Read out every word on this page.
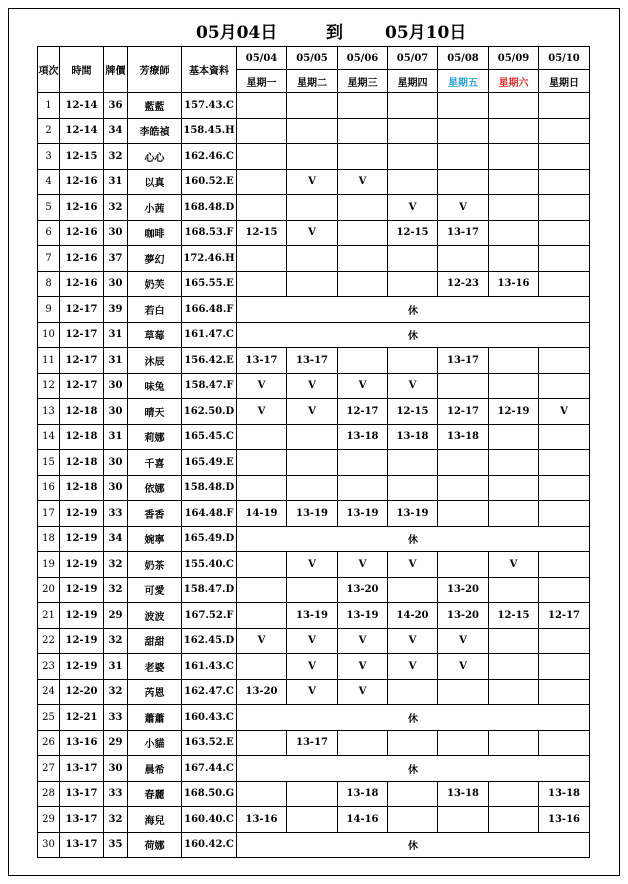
05月04日	到 05月10日
項次	時間	牌價	芳療師	基本資料	05/04	05/05	05/06	05/07	05/08	05/09	05/10
					星期一	星期二	星期三	星期四	星期五	星期六	星期日
1	12-14	36	藍藍	157.43.C							
2	12-14	34	李皓禎	158.45.H							
3	12-15	32	心心	162.46.C							
4	12-16	31	以真	160.52.E		V	V				
5	12-16	32	小茜	168.48.D				V	V		
6	12-16	30	咖啡	168.53.F	12-15	V		12-15	13-17		
7	12-16	37	夢幻	172.46.H							
8	12-16	30	奶芙	165.55.E					12-23	13-16	
9	12-17	39	若白	166.48.F	休						
10	12-17	31	草莓	161.47.C	休						
11	12-17	31	沐辰	156.42.E	13-17	13-17			13-17		
12	12-17	30	味兔	158.47.F	V	V	V	V			
13	12-18	30	晴天	162.50.D	V	V	12-17	12-15	12-17	12-19	V
14	12-18	31	莉娜	165.45.C			13-18	13-18	13-18		
15	12-18	30	千喜	165.49.E							
16	12-18	30	依娜	158.48.D							
17	12-19	33	香香	164.48.F	14-19	13-19	13-19	13-19			
18	12-19	34	婉寧	165.49.D	休						
19	12-19	32	奶茶	155.40.C		V	V	V		V	
20	12-19	32	可愛	158.47.D			13-20		13-20		
21	12-19	29	波波	167.52.F		13-19	13-19	14-20	13-20	12-15	12-17
22	12-19	32	甜甜	162.45.D	V	V	V	V	V		
23	12-19	31	老婆	161.43.C		V	V	V	V		
24	12-20	32	芮恩	162.47.C	13-20	V	V				
25	12-21	33	蕭蕭	160.43.C	休						
26	13-16	29	小貓	163.52.E		13-17					
27	13-17	30	晨希	167.44.C	休						
28	13-17	33	春麗	168.50.G			13-18		13-18		13-18
29	13-17	32	海兒	160.40.C	13-16		14-16				13-16
30	13-17	35	荷娜	160.42.C	休						
